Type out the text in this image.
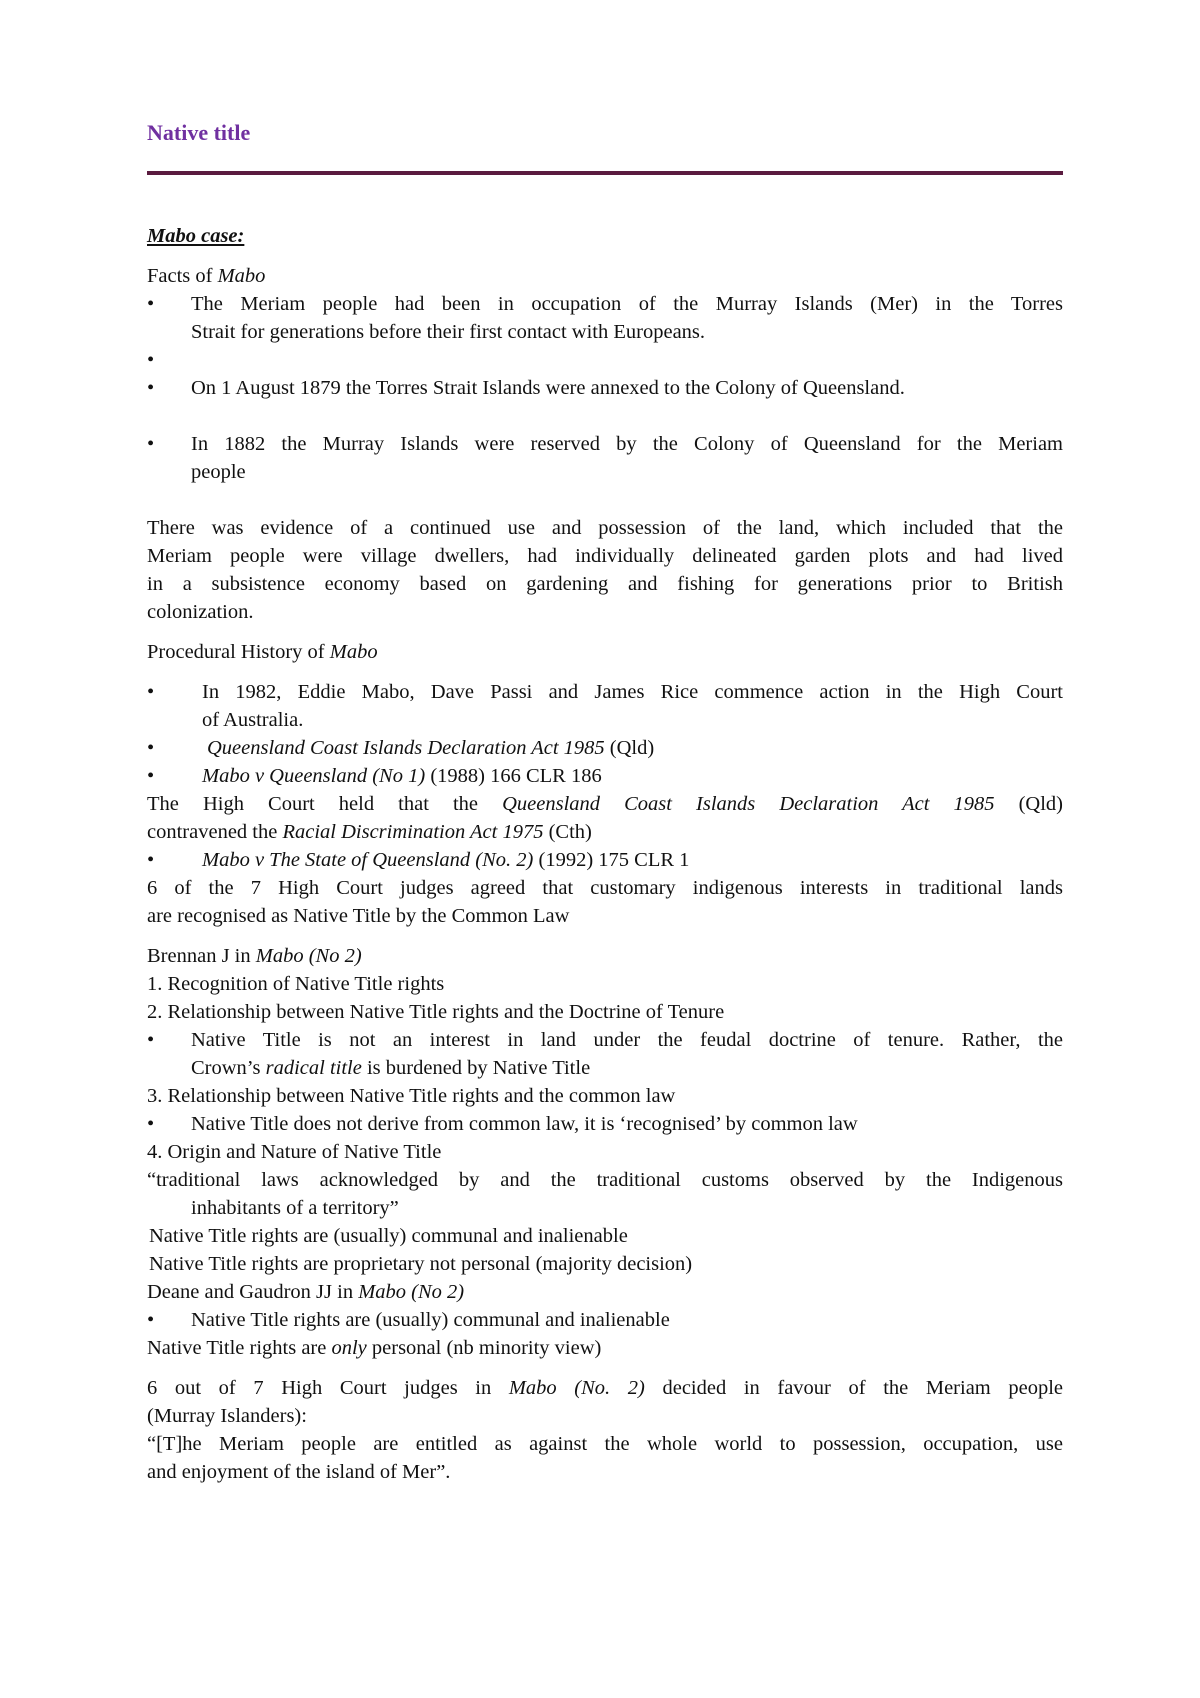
Native title
Mabo case:
Facts of Mabo
• The Meriam people had been in occupation of the Murray Islands (Mer) in the Torres
Strait for generations before their first contact with Europeans.
•
• On 1 August 1879 the Torres Strait Islands were annexed to the Colony of Queensland.
• In 1882 the Murray Islands were reserved by the Colony of Queensland for the Meriam
people
There was evidence of a continued use and possession of the land, which included that the
Meriam people were village dwellers, had individually delineated garden plots and had lived
in a subsistence economy based on gardening and fishing for generations prior to British
colonization.
Procedural History of Mabo
• In 1982, Eddie Mabo, Dave Passi and James Rice commence action in the High Court
of Australia.
•	Queensland Coast Islands Declaration Act 1985 (Qld)
• Mabo v Queensland (No 1) (1988) 166 CLR 186
The High Court held that the Queensland Coast Islands Declaration Act 1985 (Qld)
contravened the Racial Discrimination Act 1975 (Cth)
• Mabo v The State of Queensland (No. 2) (1992) 175 CLR 1
6 of the 7 High Court judges agreed that customary indigenous interests in traditional lands
are recognised as Native Title by the Common Law
Brennan J in Mabo (No 2)
1. Recognition of Native Title rights
2. Relationship between Native Title rights and the Doctrine of Tenure
• Native Title is not an interest in land under the feudal doctrine of tenure. Rather, the
Crown’s radical title is burdened by Native Title
3. Relationship between Native Title rights and the common law
• Native Title does not derive from common law, it is ‘recognised’ by common law
4. Origin and Nature of Native Title
“traditional laws acknowledged by and the traditional customs observed by the Indigenous
inhabitants of a territory”
Native Title rights are (usually) communal and inalienable
Native Title rights are proprietary not personal (majority decision)
Deane and Gaudron JJ in Mabo (No 2)
• Native Title rights are (usually) communal and inalienable
Native Title rights are only personal (nb minority view)
6 out of 7 High Court judges in Mabo (No. 2) decided in favour of the Meriam people
(Murray Islanders):
“[T]he Meriam people are entitled as against the whole world to possession, occupation, use
and enjoyment of the island of Mer”.
